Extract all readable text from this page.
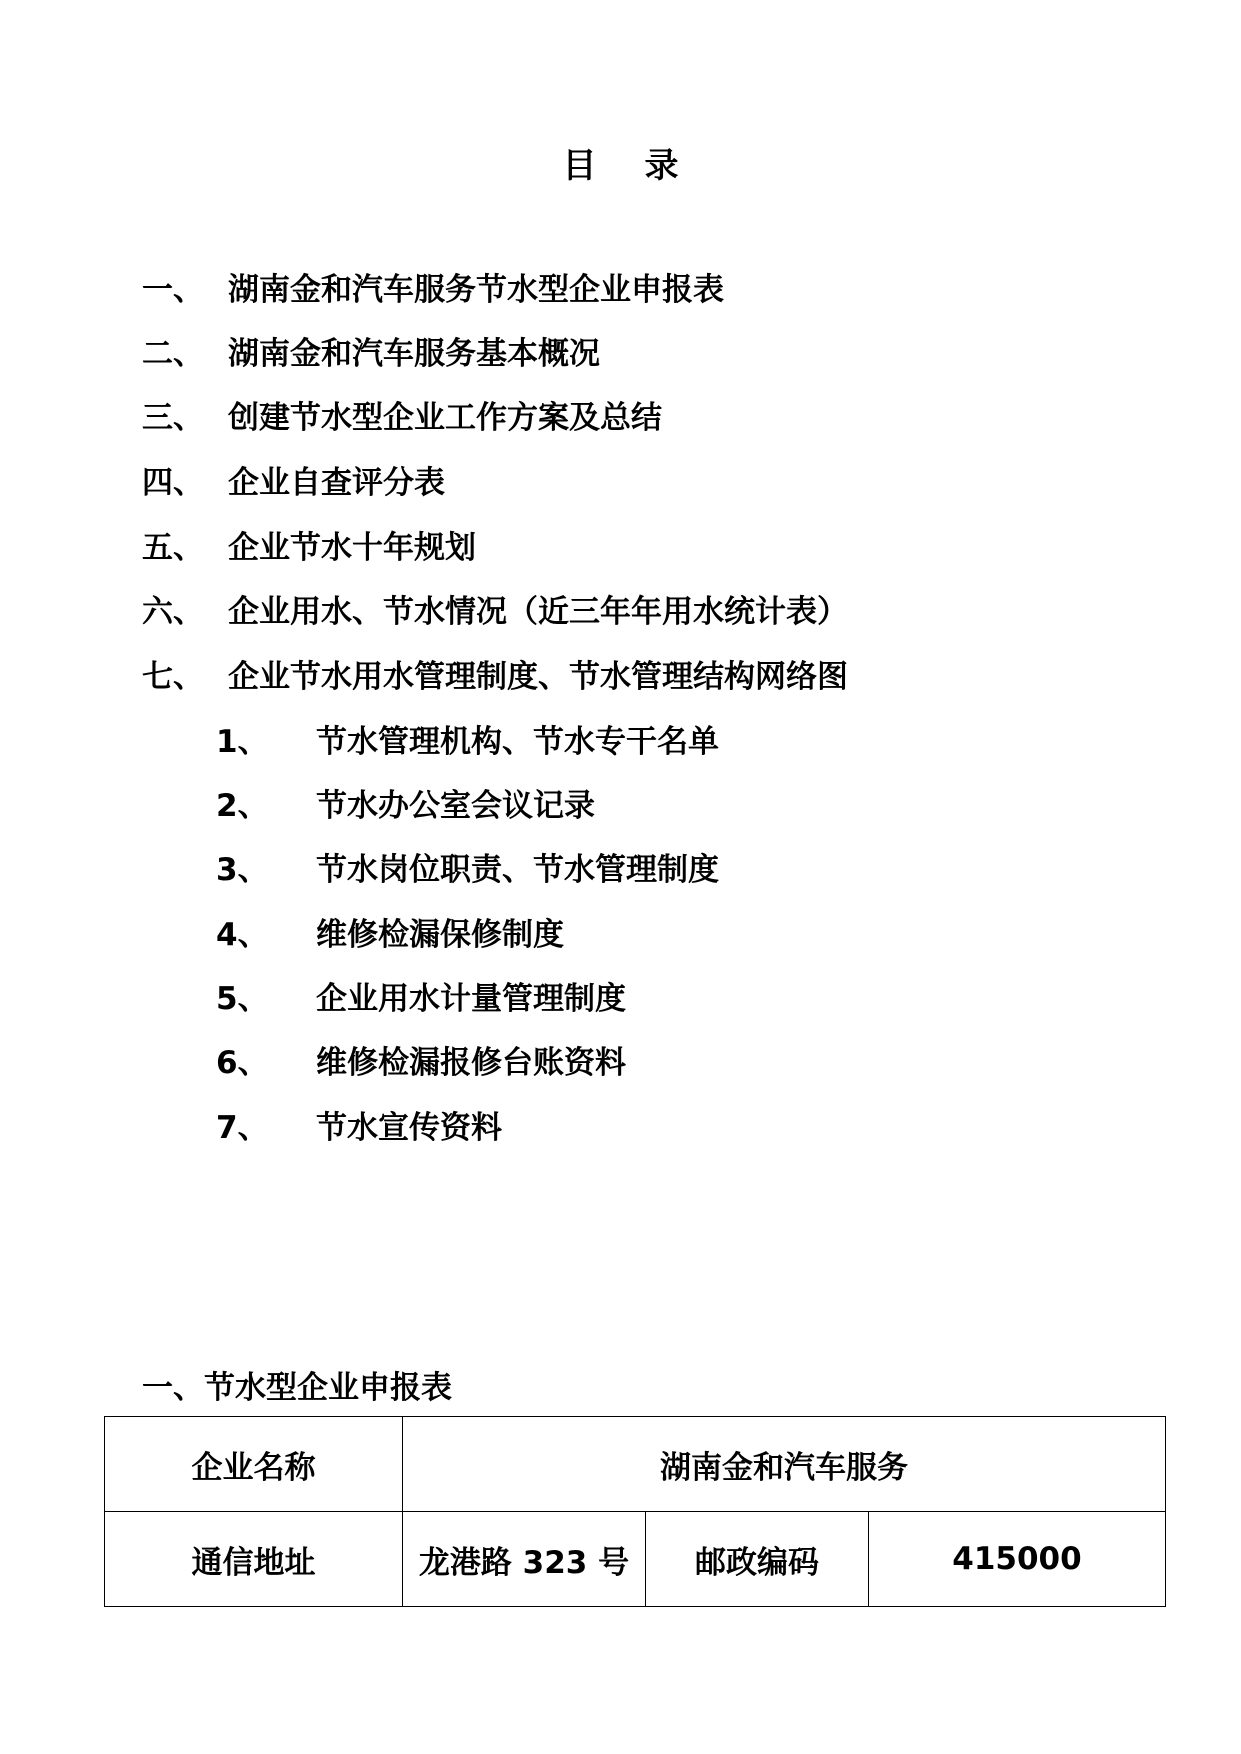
目录
一、 湖南金和汽车服务节水型企业申报表
二、 湖南金和汽车服务基本概况
三、 创建节水型企业工作方案及总结
四、 企业自查评分表
五、 企业节水十年规划
六、 企业用水、节水情况（近三年年用水统计表）
七、 企业节水用水管理制度、节水管理结构网络图
1、 节水管理机构、节水专干名单
2、 节水办公室会议记录
3、 节水岗位职责、节水管理制度
4、 维修检漏保修制度
5、 企业用水计量管理制度
6、 维修检漏报修台账资料
7、 节水宣传资料
一、节水型企业申报表
企业名称	湖南金和汽车服务		
通信地址	龙港路 323 号	邮政编码	415000
